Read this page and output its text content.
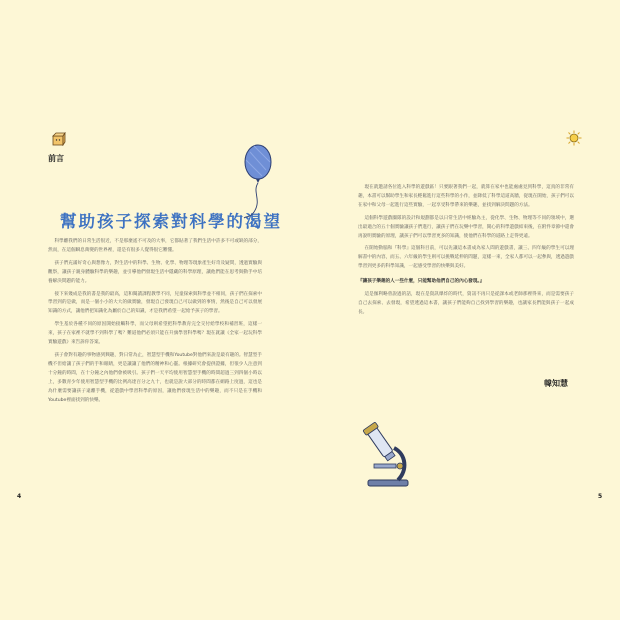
前言
幫助孩子探索對科學的渴望

科學離我們的日常生活很近，不是那麼遙不可及的大事，它都貼著了我們生活中許多不可或缺的部分，然而，在這個瞬息萬變的世界裡，還是有很多人覺得很它難懂。

孩子們充滿好奇心與想像力，對生活中的科學、生物、化學、物理等現象產生好奇及疑問，透過實驗與觀察，讓孩子親身體驗科學的樂趣，並引導他們發現生活中隱藏的科學原理，讓他們能在思考與動手中培養解決問題的能力。

接下來幾成是我的書是我的最高，這和閱讀課程教學不同，兒童探索與科學並不相同，孩子們在探索中學習到的是做，而是一個小小的大大的做實驗，發現自己發現自己可以做到的事情，然後是自己可以發展知識的方式，讓他們把知識化為屬於自己的知識，才是我們希望一起給予孩子的學習。

學生基於各種不同的原因開始接觸科學，而父母則希望把科學教育完全交付給學校和補習班，這樣一來，孩子在家裡不就學不到科學了嗎？難道他們必須只能在升旗學習科學嗎？現在就讓《全家一起玩科學實驗遊戲》來告訴你答案。

孩子會對有趣的事物感到興趣，對日常為止，智慧型手機和Youtube對他們來說是最有趣的。智慧型手機不但給讓了孩子們的手和眼睛，更是讓讓了他們的精神和心靈。根據研究會提供證據，但很少人注意到十分鐘的時間，在十分鐘之內他們會被吸引。孩子們一天平均使用智慧型手機的時間超過三到四個小時以上，多數青少年使用智慧型手機的比例高達百分之九十，也就是說大部分的時間都在網路上度過，這也是為什麼需要讓孩子遠離手機，從遊戲中學習科學的原因，讓他們發現生活中的樂趣，而不只是在手機和Youtube裡面找到的快樂。

4

現在就邀請各位進入科學的遊戲區！只要跟著我們一起，就算在家中也能處處見到科學，這真的非常有趣，本書可以幫助學生和家長輕鬆進行這些科學的小作，並降低了科學這道高牆，從現在開始，孩子們可以在家中和父母一起進行這些實驗，一起享受科學帶來的樂趣，並找到解決問題的方法。

這個科學遊戲團隊的設計和規劃都是以日常生活中經驗為主，從化學、生物、物理等不同的領域中，選出最適合的五十個實驗讓孩子們進行，讓孩子們在玩樂中學習，開心的科學遊戲結束後，在附件章節中還會再說明實驗的原理，讓孩子們可以學習更多的知識，使他們在科學的道路上走得更遠。

在開始動腦和『科學』這個科目前，可以先讓這本書成為家人間的遊戲書，讓三、四年級的學生可以理解書中的內容，而五、六年級的學生則可以挑戰延伸的問題，這樣一來，全家人都可以一起參與，透過遊戲學習到更多的科學知識，一起感受學習的快樂與美好。

『讓孩子樂趣的人一些什麼，只能幫助他們自己的內心發現。』

這是伽利略曾說過的話，現在是資訊爆炸的時代，資訊不再只是從課本或老師那裡得來，而是需要孩子自己去探索、去發現，希望透過這本書，讓孩子們能夠自己找到學習的樂趣，也讓家長們能與孩子一起成長。

韓知慧
5
